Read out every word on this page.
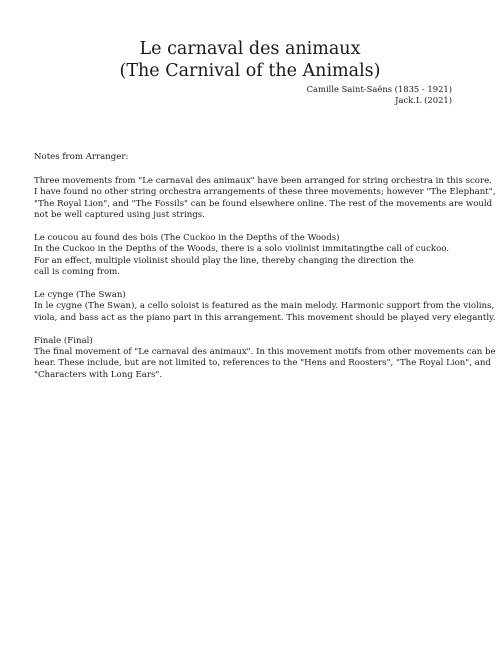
Le carnaval des animaux
(The Carnival of the Animals)
Camille Saint-Saëns (1835 - 1921)
Jack.L (2021)
Notes from Arranger:
Three movements from "Le carnaval des animaux" have been arranged for string orchestra in this score.
I have found no other string orchestra arrangements of these three movements; however "The Elephant",
"The Royal Lion", and "The Fossils" can be found elsewhere online. The rest of the movements are would
not be well captured using just strings.
Le coucou au found des bois (The Cuckoo in the Depths of the Woods)
In the Cuckoo in the Depths of the Woods, there is a solo violinist immitatingthe call of cuckoo.
For an effect, multiple violinist should play the line, thereby changing the direction the
call is coming from.
Le cynge (The Swan)
In le cygne (The Swan), a cello soloist is featured as the main melody. Harmonic support from the violins,
viola, and bass act as the piano part in this arrangement. This movement should be played very elegantly.
Finale (Final)
The final movement of "Le carnaval des animaux". In this movement motifs from other movements can be
hear. These include, but are not limited to, references to the "Hens and Roosters", "The Royal Lion", and
"Characters with Long Ears".
